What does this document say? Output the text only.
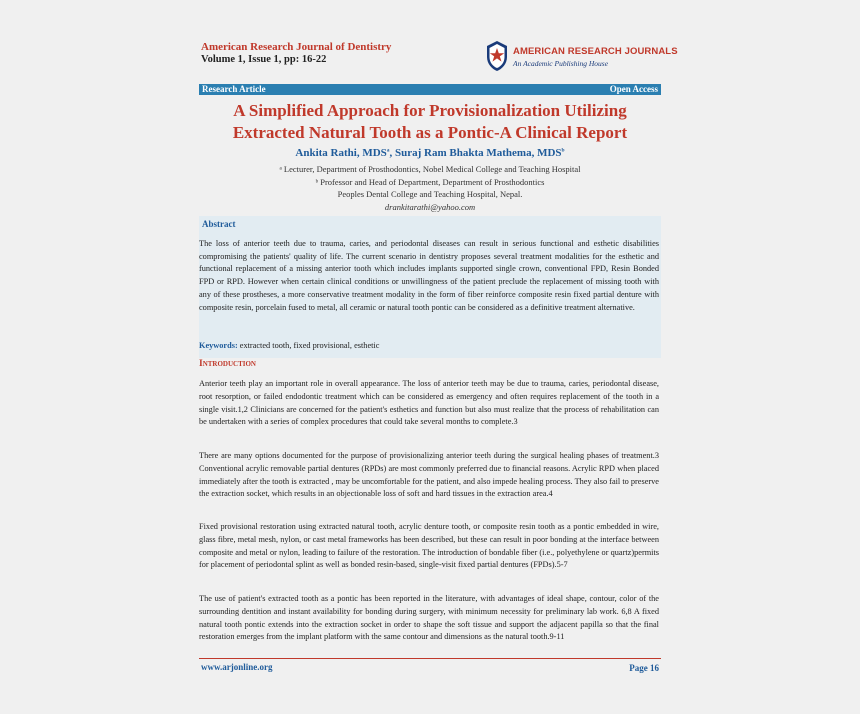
American Research Journal of Dentistry
Volume 1, Issue 1, pp: 16-22
AMERICAN RESEARCH JOURNALS
An Academic Publishing House
Research Article	Open Access
A Simplified Approach for Provisionalization Utilizing
Extracted Natural Tooth as a Pontic-A Clinical Report
Ankita Rathi, MDS$^a$, Suraj Ram Bhakta Mathema, MDS$^b$
ᵃ Lecturer, Department of Prosthodontics, Nobel Medical College and Teaching Hospital
ᵇ Professor and Head of Department, Department of Prosthodontics
Peoples Dental College and Teaching Hospital, Nepal.
drankitarathi@yahoo.com
Abstract
The loss of anterior teeth due to trauma, caries, and periodontal diseases can result in serious functional and esthetic disabilities compromising the patients' quality of life. The current scenario in dentistry proposes several treatment modalities for the esthetic and functional replacement of a missing anterior tooth which includes implants supported single crown, conventional FPD, Resin Bonded FPD or RPD. However when certain clinical conditions or unwillingness of the patient preclude the replacement of missing tooth with any of these prostheses, a more conservative treatment modality in the form of fiber reinforce composite resin fixed partial denture with composite resin, porcelain fused to metal, all ceramic or natural tooth pontic can be considered as a definitive treatment alternative.
Keywords: extracted tooth, fixed provisional, esthetic
Introduction
Anterior teeth play an important role in overall appearance. The loss of anterior teeth may be due to trauma, caries, periodontal disease, root resorption, or failed endodontic treatment which can be considered as emergency and often requires replacement of the tooth in a single visit.1,2 Clinicians are concerned for the patient's esthetics and function but also must realize that the process of rehabilitation can be undertaken with a series of complex procedures that could take several months to complete.3
There are many options documented for the purpose of provisionalizing anterior teeth during the surgical healing phases of treatment.3 Conventional acrylic removable partial dentures (RPDs) are most commonly preferred due to financial reasons. Acrylic RPD when placed immediately after the tooth is extracted , may be uncomfortable for the patient, and also impede healing process. They also fail to preserve the extraction socket, which results in an objectionable loss of soft and hard tissues in the extraction area.4
Fixed provisional restoration using extracted natural tooth, acrylic denture tooth, or composite resin tooth as a pontic embedded in wire, glass fibre, metal mesh, nylon, or cast metal frameworks has been described, but these can result in poor bonding at the interface between composite and metal or nylon, leading to failure of the restoration. The introduction of bondable fiber (i.e., polyethylene or quartz)permits for placement of periodontal splint as well as bonded resin-based, single-visit fixed partial dentures (FPDs).5-7
The use of patient's extracted tooth as a pontic has been reported in the literature, with advantages of ideal shape, contour, color of the surrounding dentition and instant availability for bonding during surgery, with minimum necessity for preliminary lab work. 6,8 A fixed natural tooth pontic extends into the extraction socket in order to shape the soft tissue and support the adjacent papilla so that the final restoration emerges from the implant platform with the same contour and dimensions as the natural tooth.9-11
www.arjonline.org	Page 16
